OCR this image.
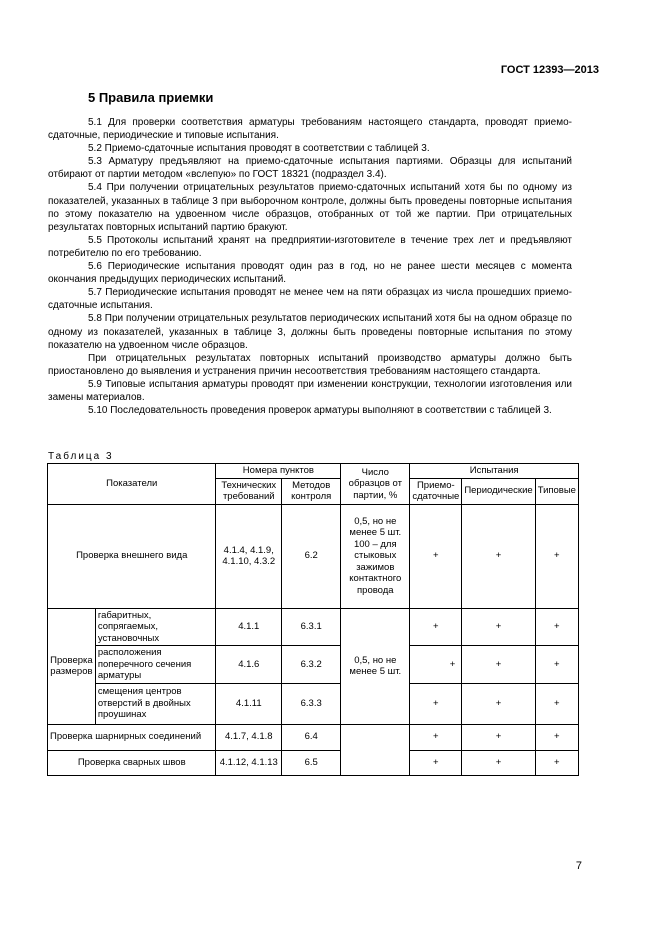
ГОСТ 12393—2013
5 Правила приемки

5.1 Для проверки соответствия арматуры требованиям настоящего стандарта, проводят приемо-сдаточные, периодические и типовые испытания.

5.2 Приемо-сдаточные испытания проводят в соответствии с таблицей 3.

5.3 Арматуру предъявляют на приемо-сдаточные испытания партиями. Образцы для испытаний отбирают от партии методом «вслепую» по ГОСТ 18321 (подраздел 3.4).

5.4 При получении отрицательных результатов приемо-сдаточных испытаний хотя бы по одному из показателей, указанных в таблице 3 при выборочном контроле, должны быть проведены повторные испытания по этому показателю на удвоенном числе образцов, отобранных от той же партии. При отрицательных результатах повторных испытаний партию бракуют.

5.5 Протоколы испытаний хранят на предприятии-изготовителе в течение трех лет и предъявляют потребителю по его требованию.

5.6 Периодические испытания проводят один раз в год, но не ранее шести месяцев с момента окончания предыдущих периодических испытаний.

5.7 Периодические испытания проводят не менее чем на пяти образцах из числа прошедших приемо-сдаточные испытания.

5.8 При получении отрицательных результатов периодических испытаний хотя бы на одном образце по одному из показателей, указанных в таблице 3, должны быть проведены повторные испытания по этому показателю на удвоенном числе образцов.

При отрицательных результатах повторных испытаний производство арматуры должно быть приостановлено до выявления и устранения причин несоответствия требованиям настоящего стандарта.

5.9 Типовые испытания арматуры проводят при изменении конструкции, технологии изготовления или замены материалов.

5.10 Последовательность проведения проверок арматуры выполняют в соответствии с таблицей 3.

Таблица 3
Показатели		Номера пунктов		Число образцов от партии, %	Испытания		
		Технических требований	Методов контроля		Приемо-сдаточные	Периодические	Типовые
Проверка внешнего вида		4.1.4, 4.1.9, 4.1.10, 4.3.2	6.2	0,5, но не менее 5 шт. 100 – для стыковых зажимов контактного провода	+	+	+
Проверка размеров	габаритных, сопрягаемых, установочных	4.1.1	6.3.1	0,5, но не менее 5 шт.	+	+	+
	расположения поперечного сечения арматуры	4.1.6	6.3.2		+	+	+
	смещения центров отверстий в двойных проушинах	4.1.11	6.3.3		+	+	+
Проверка шарнирных соединений		4.1.7, 4.1.8	6.4		+	+	+
Проверка сварных швов		4.1.12, 4.1.13	6.5		+	+	+
7
